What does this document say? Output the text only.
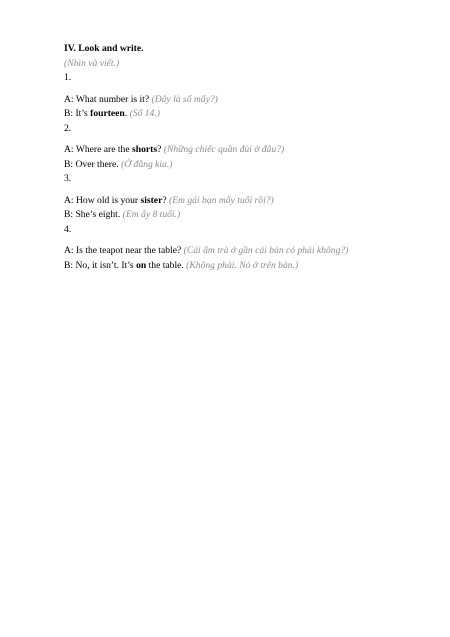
IV. Look and write.
(Nhìn và viết.)
1.
A: What number is it? (Đây là số mấy?)
B: It’s fourteen. (Số 14.)
2.
A: Where are the shorts? (Những chiếc quần đùi ở đâu?)
B: Over there. (Ở đằng kia.)
3.
A: How old is your sister? (Em gái bạn mấy tuổi rồi?)
B: She’s eight. (Em ấy 8 tuổi.)
4.
A: Is the teapot near the table? (Cái ấm trà ở gần cái bàn có phải không?)
B: No, it isn’t. It’s on the table. (Không phải. Nó ở trên bàn.)
